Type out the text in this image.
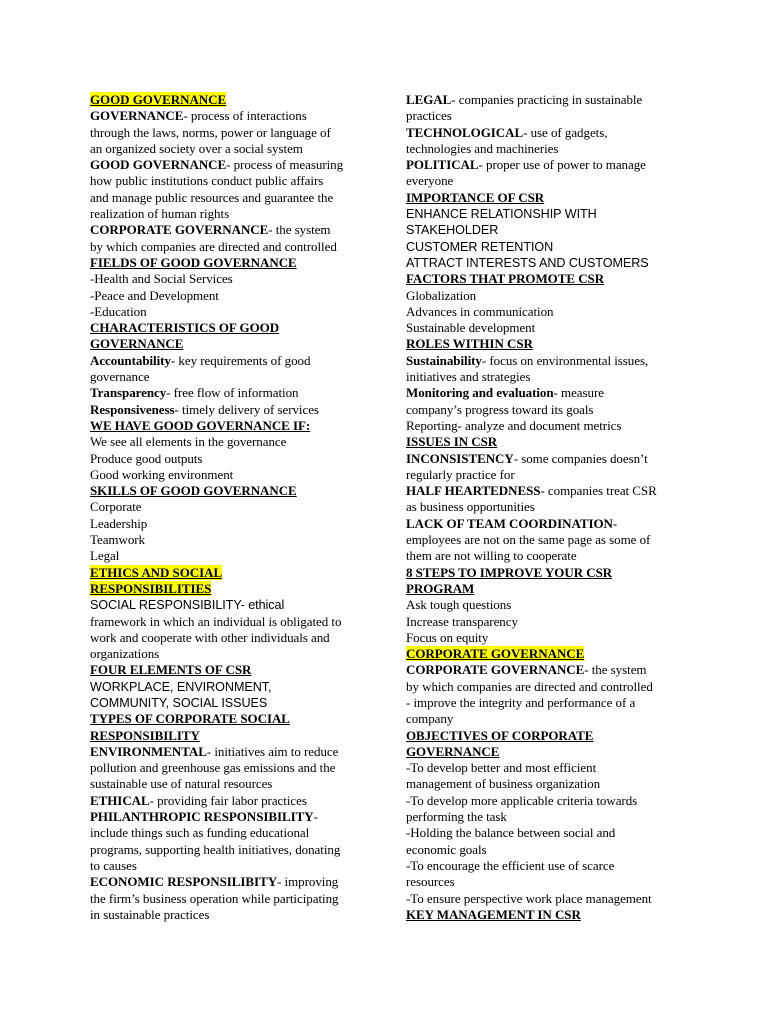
GOOD GOVERNANCE
GOVERNANCE- process of interactions
through the laws, norms, power or language of
an organized society over a social system
GOOD GOVERNANCE- process of measuring
how public institutions conduct public affairs
and manage public resources and guarantee the
realization of human rights
CORPORATE GOVERNANCE- the system
by which companies are directed and controlled
FIELDS OF GOOD GOVERNANCE
-Health and Social Services
-Peace and Development
-Education
CHARACTERISTICS OF GOOD
GOVERNANCE
Accountability- key requirements of good
governance
Transparency- free flow of information
Responsiveness- timely delivery of services
WE HAVE GOOD GOVERNANCE IF:
We see all elements in the governance
Produce good outputs
Good working environment
SKILLS OF GOOD GOVERNANCE
Corporate
Leadership
Teamwork
Legal
ETHICS AND SOCIAL
RESPONSIBILITIES
SOCIAL RESPONSIBILITY- ethical
framework in which an individual is obligated to
work and cooperate with other individuals and
organizations
FOUR ELEMENTS OF CSR
WORKPLACE, ENVIRONMENT,
COMMUNITY, SOCIAL ISSUES
TYPES OF CORPORATE SOCIAL
RESPONSIBILITY
ENVIRONMENTAL- initiatives aim to reduce
pollution and greenhouse gas emissions and the
sustainable use of natural resources
ETHICAL- providing fair labor practices
PHILANTHROPIC RESPONSIBILITY-
include things such as funding educational
programs, supporting health initiatives, donating
to causes
ECONOMIC RESPONSILIBITY- improving
the firm’s business operation while participating
in sustainable practices
LEGAL- companies practicing in sustainable
practices
TECHNOLOGICAL- use of gadgets,
technologies and machineries
POLITICAL- proper use of power to manage
everyone
IMPORTANCE OF CSR
ENHANCE RELATIONSHIP WITH
STAKEHOLDER
CUSTOMER RETENTION
ATTRACT INTERESTS AND CUSTOMERS
FACTORS THAT PROMOTE CSR
Globalization
Advances in communication
Sustainable development
ROLES WITHIN CSR
Sustainability- focus on environmental issues,
initiatives and strategies
Monitoring and evaluation- measure
company’s progress toward its goals
Reporting- analyze and document metrics
ISSUES IN CSR
INCONSISTENCY- some companies doesn’t
regularly practice for
HALF HEARTEDNESS- companies treat CSR
as business opportunities
LACK OF TEAM COORDINATION-
employees are not on the same page as some of
them are not willing to cooperate
8 STEPS TO IMPROVE YOUR CSR
PROGRAM
Ask tough questions
Increase transparency
Focus on equity
CORPORATE GOVERNANCE
CORPORATE GOVERNANCE- the system
by which companies are directed and controlled
- improve the integrity and performance of a
company
OBJECTIVES OF CORPORATE
GOVERNANCE
-To develop better and most efficient
management of business organization
-To develop more applicable criteria towards
performing the task
-Holding the balance between social and
economic goals
-To encourage the efficient use of scarce
resources
-To ensure perspective work place management
KEY MANAGEMENT IN CSR
